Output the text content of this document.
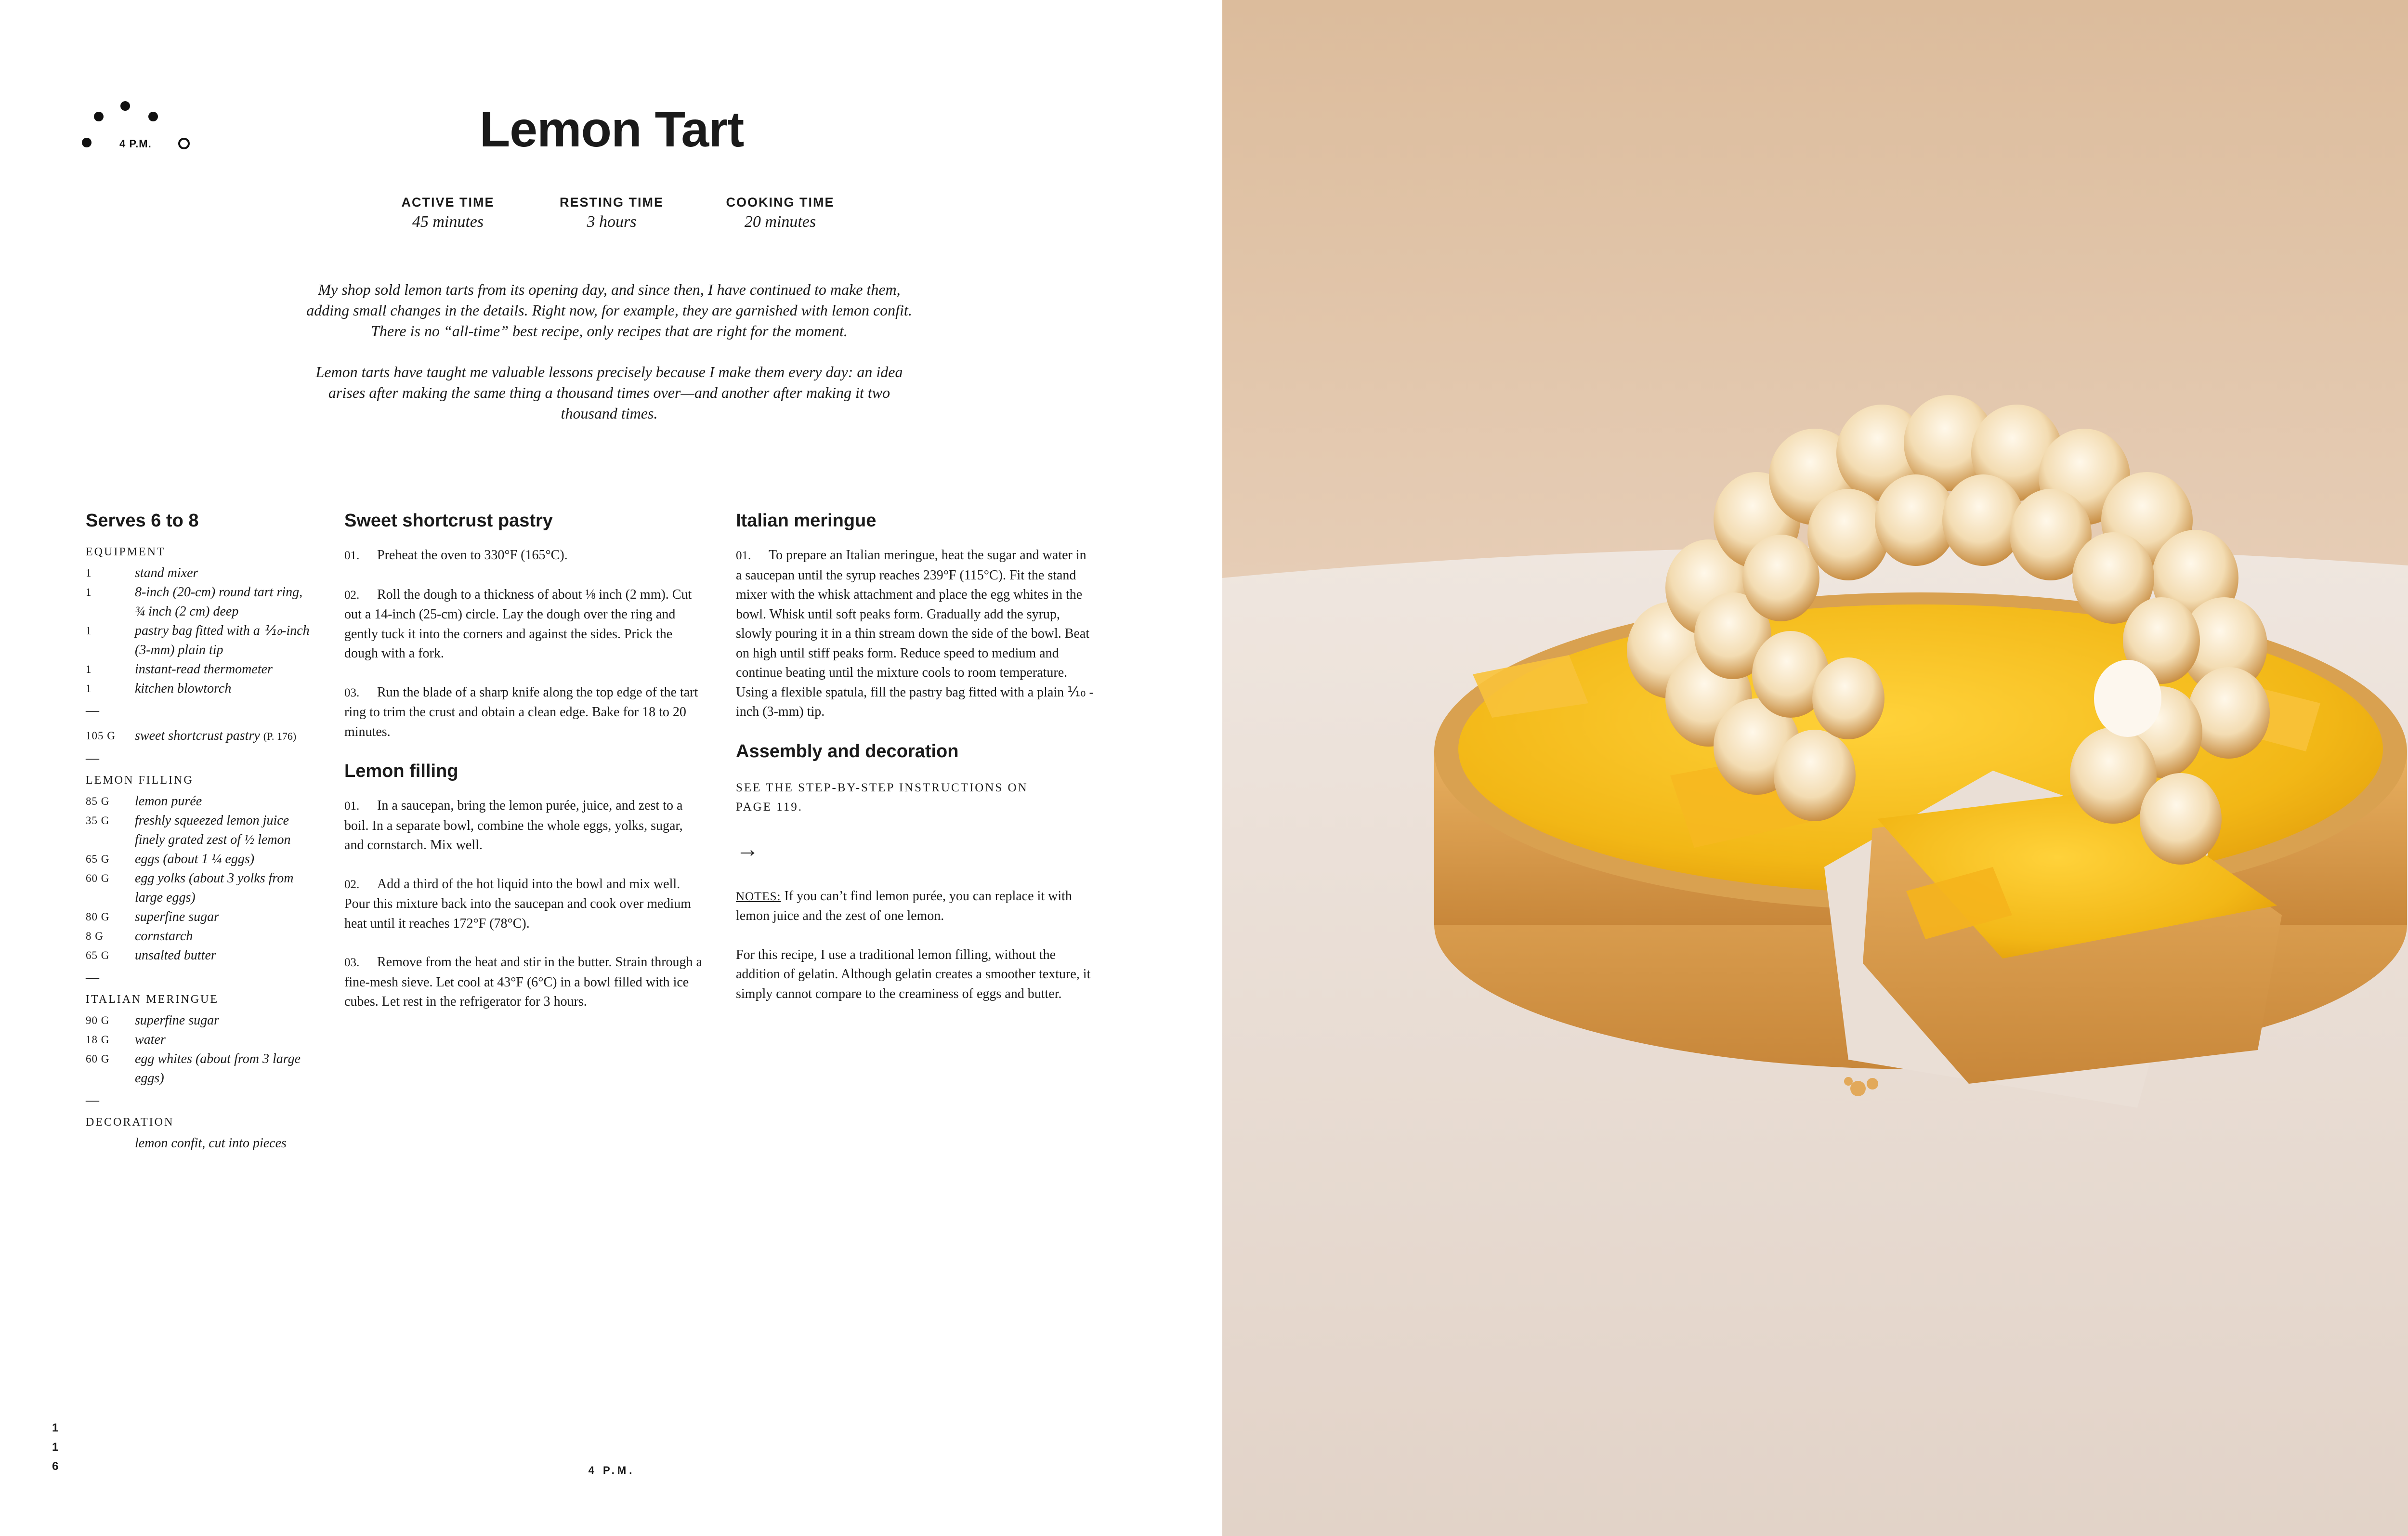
4 P.M.	Lemon Tart
ACTIVE TIME
45 minutes
RESTING TIME
3 hours
COOKING TIME
20 minutes

My shop sold lemon tarts from its opening day, and since then, I have continued to make them, adding small changes in the details. Right now, for example, they are garnished with lemon confit. There is no “all-time” best recipe, only recipes that are right for the moment.

Lemon tarts have taught me valuable lessons precisely because I make them every day: an idea arises after making the same thing a thousand times over—and another after making it two thousand times.

Serves 6 to 8
EQUIPMENT
1	stand mixer
1	8-inch (20-cm) round tart ring, ¾ inch (2 cm) deep
1	pastry bag fitted with a ⅒-inch (3-mm) plain tip
1	instant-read thermometer
1	kitchen blowtorch
—
105 G	sweet shortcrust pastry (P. 176)
—
LEMON FILLING
85 G	lemon purée
35 G	freshly squeezed lemon juice
finely grated zest of ½ lemon
65 G	eggs (about 1 ¼ eggs)
60 G	egg yolks (about 3 yolks from large eggs)
80 G	superfine sugar
8 G	cornstarch
65 G	unsalted butter
—
ITALIAN MERINGUE
90 G	superfine sugar
18 G	water
60 G	egg whites (about from 3 large eggs)
—
DECORATION
lemon confit, cut into pieces
Sweet shortcrust pastry

01. Preheat the oven to 330°F (165°C).

02. Roll the dough to a thickness of about ⅛ inch (2 mm). Cut out a 14-inch (25-cm) circle. Lay the dough over the ring and gently tuck it into the corners and against the sides. Prick the dough with a fork.

03. Run the blade of a sharp knife along the top edge of the tart ring to trim the crust and obtain a clean edge. Bake for 18 to 20 minutes.

Lemon filling

01. In a saucepan, bring the lemon purée, juice, and zest to a boil. In a separate bowl, combine the whole eggs, yolks, sugar, and cornstarch. Mix well.

02. Add a third of the hot liquid into the bowl and mix well. Pour this mixture back into the saucepan and cook over medium heat until it reaches 172°F (78°C).

03. Remove from the heat and stir in the butter. Strain through a fine-mesh sieve. Let cool at 43°F (6°C) in a bowl filled with ice cubes. Let rest in the refrigerator for 3 hours.

Italian meringue

01. To prepare an Italian meringue, heat the sugar and water in a saucepan until the syrup reaches 239°F (115°C). Fit the stand mixer with the whisk attachment and place the egg whites in the bowl. Whisk until soft peaks form. Gradually add the syrup, slowly pouring it in a thin stream down the side of the bowl. Beat on high until stiff peaks form. Reduce speed to medium and continue beating until the mixture cools to room temperature. Using a flexible spatula, fill the pastry bag fitted with a plain ⅒ -inch (3-mm) tip.

Assembly and decoration
SEE THE STEP-BY-STEP INSTRUCTIONS ON PAGE 119.
→

NOTES: If you can’t find lemon purée, you can replace it with lemon juice and the zest of one lemon.

For this recipe, I use a traditional lemon filling, without the addition of gelatin. Although gelatin creates a smoother texture, it simply cannot compare to the creaminess of eggs and butter.

1
1
6	4 P.M.
